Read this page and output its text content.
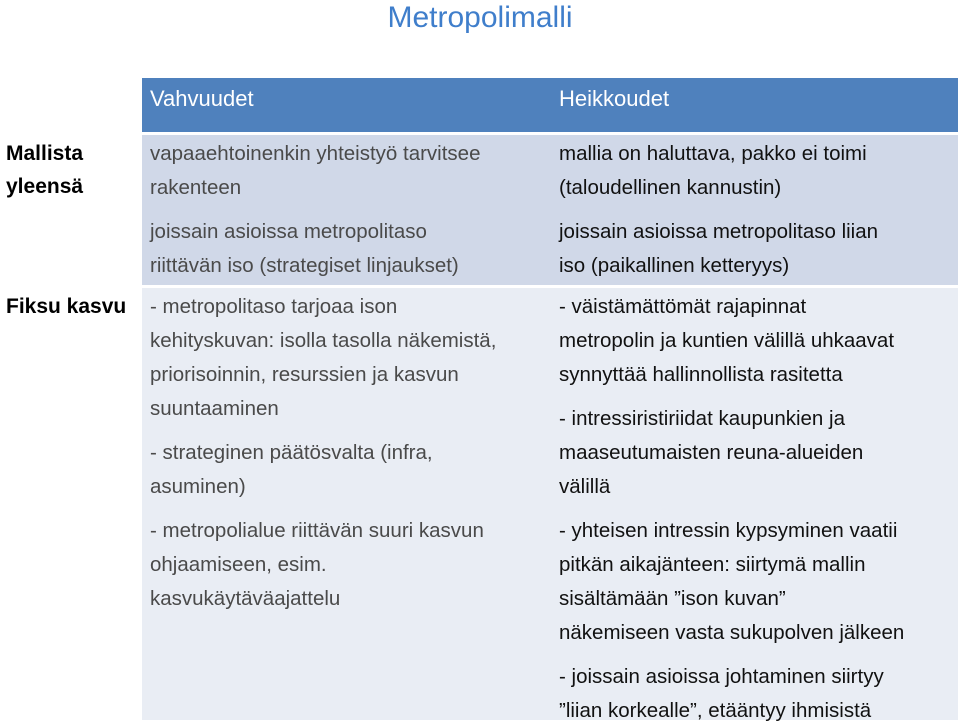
Metropolimalli
Vahvuudet	Heikkoudet
Mallista
yleensä

vapaaehtoinenkin yhteistyö tarvitsee
rakenteen

joissain asioissa metropolitaso
riittävän iso (strategiset linjaukset)

mallia on haluttava, pakko ei toimi
(taloudellinen kannustin)

joissain asioissa metropolitaso liian
iso (paikallinen ketteryys)

Fiksu kasvu	- metropolitaso tarjoaa ison
kehityskuvan: isolla tasolla näkemistä,
priorisoinnin, resurssien ja kasvun
suuntaaminen

- strateginen päätösvalta (infra,
asuminen)

- metropolialue riittävän suuri kasvun
ohjaamiseen, esim.
kasvukäytäväajattelu

- väistämättömät rajapinnat
metropolin ja kuntien välillä uhkaavat
synnyttää hallinnollista rasitetta

- intressiristiriidat kaupunkien ja
maaseutumaisten reuna-alueiden
välillä

- yhteisen intressin kypsyminen vaatii
pitkän aikajänteen: siirtymä mallin
sisältämään ”ison kuvan”
näkemiseen vasta sukupolven jälkeen

- joissain asioissa johtaminen siirtyy
”liian korkealle”, etääntyy ihmisistä
